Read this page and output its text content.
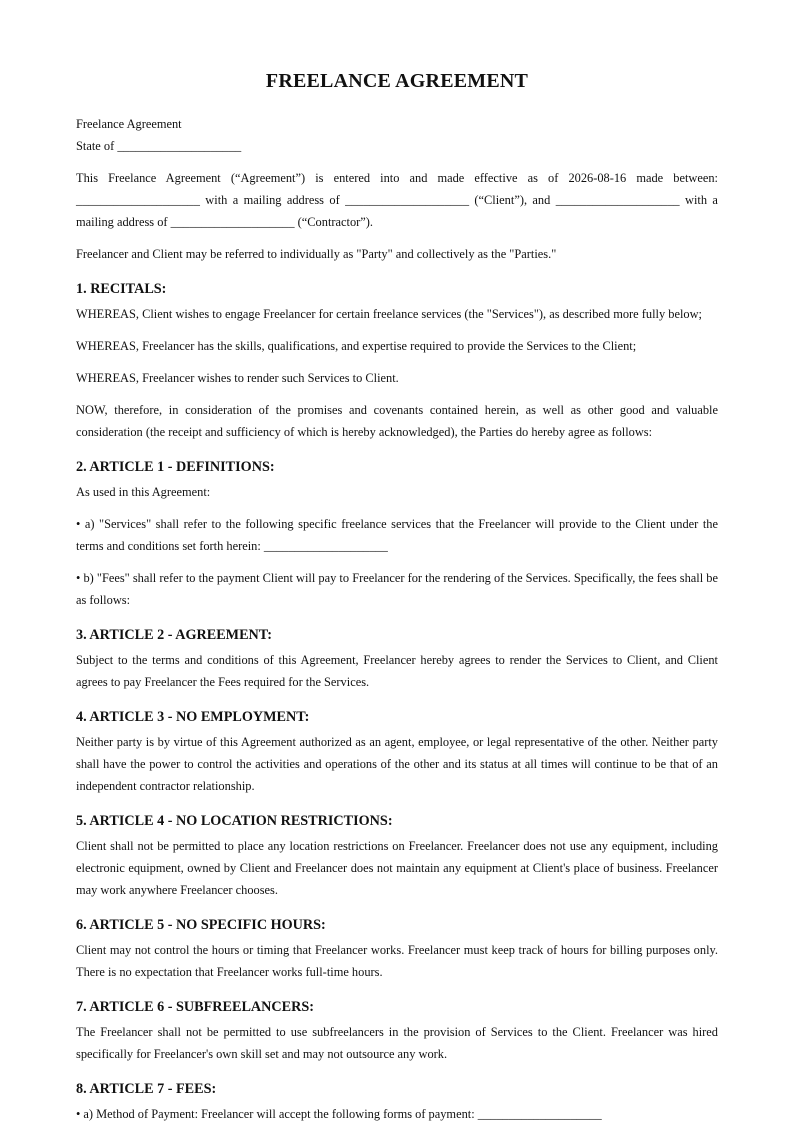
FREELANCE AGREEMENT
Freelance Agreement
State of ____________________

This Freelance Agreement (“Agreement”) is entered into and made effective as of 2026-08-16 made between: ____________________ with a mailing address of ____________________ (“Client”), and ____________________ with a mailing address of ____________________ (“Contractor”).

Freelancer and Client may be referred to individually as "Party" and collectively as the "Parties."

1. RECITALS:

WHEREAS, Client wishes to engage Freelancer for certain freelance services (the "Services"), as described more fully below;

WHEREAS, Freelancer has the skills, qualifications, and expertise required to provide the Services to the Client;

WHEREAS, Freelancer wishes to render such Services to Client.

NOW, therefore, in consideration of the promises and covenants contained herein, as well as other good and valuable consideration (the receipt and sufficiency of which is hereby acknowledged), the Parties do hereby agree as follows:

2. ARTICLE 1 - DEFINITIONS:

As used in this Agreement:

• a) "Services" shall refer to the following specific freelance services that the Freelancer will provide to the Client under the terms and conditions set forth herein: ____________________

• b) "Fees" shall refer to the payment Client will pay to Freelancer for the rendering of the Services. Specifically, the fees shall be as follows:

3. ARTICLE 2 - AGREEMENT:

Subject to the terms and conditions of this Agreement, Freelancer hereby agrees to render the Services to Client, and Client agrees to pay Freelancer the Fees required for the Services.

4. ARTICLE 3 - NO EMPLOYMENT:

Neither party is by virtue of this Agreement authorized as an agent, employee, or legal representative of the other. Neither party shall have the power to control the activities and operations of the other and its status at all times will continue to be that of an independent contractor relationship.

5. ARTICLE 4 - NO LOCATION RESTRICTIONS:

Client shall not be permitted to place any location restrictions on Freelancer. Freelancer does not use any equipment, including electronic equipment, owned by Client and Freelancer does not maintain any equipment at Client's place of business. Freelancer may work anywhere Freelancer chooses.

6. ARTICLE 5 - NO SPECIFIC HOURS:

Client may not control the hours or timing that Freelancer works. Freelancer must keep track of hours for billing purposes only. There is no expectation that Freelancer works full-time hours.

7. ARTICLE 6 - SUBFREELANCERS:

The Freelancer shall not be permitted to use subfreelancers in the provision of Services to the Client. Freelancer was hired specifically for Freelancer's own skill set and may not outsource any work.

8. ARTICLE 7 - FEES:

• a) Method of Payment: Freelancer will accept the following forms of payment: ____________________
